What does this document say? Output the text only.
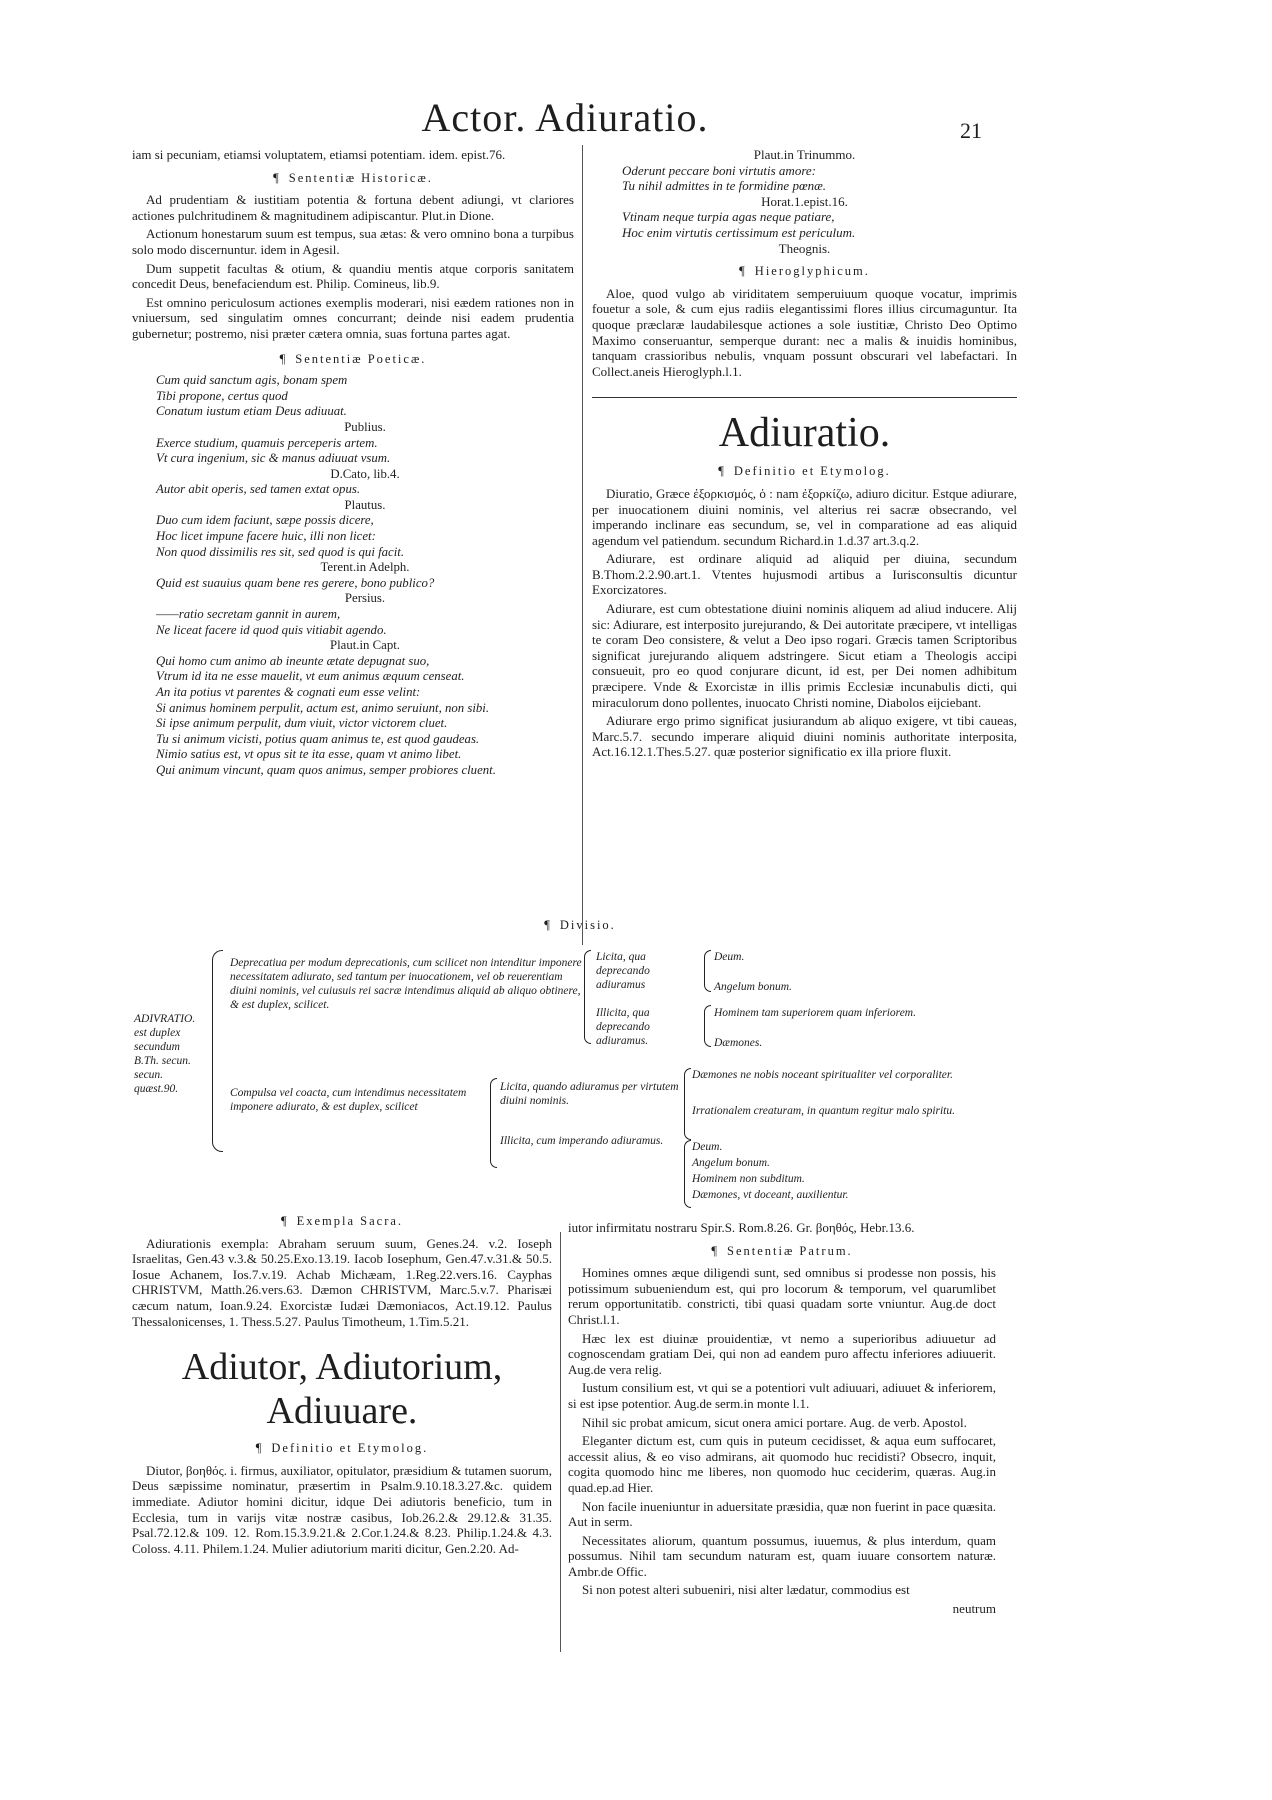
Actor. Adiuratio.	21
iam si pecuniam, etiamsi voluptatem, etiamsi potentiam. idem. epist.76.
¶ Sententiæ Historicæ.

Ad prudentiam & iustitiam potentia & fortuna debent adiungi, vt clariores actiones pulchritudinem & magnitudinem adipiscantur. Plut.in Dione.

Actionum honestarum suum est tempus, sua ætas: & vero omnino bona a turpibus solo modo discernuntur. idem in Agesil.

Dum suppetit facultas & otium, & quandiu mentis atque corporis sanitatem concedit Deus, benefaciendum est. Philip. Comineus, lib.9.

Est omnino periculosum actiones exemplis moderari, nisi eædem rationes non in vniuersum, sed singulatim omnes concurrant; deinde nisi eadem prudentia gubernetur; postremo, nisi præter cætera omnia, suas fortuna partes agat.

¶ Sententiæ Poeticæ.
Cum quid sanctum agis, bonam spem
Tibi propone, certus quod
Conatum iustum etiam Deus adiuuat.
Publius.
Exerce studium, quamuis perceperis artem.
Vt cura ingenium, sic & manus adiuuat vsum.
D.Cato, lib.4.
Autor abit operis, sed tamen extat opus.
Plautus.
Duo cum idem faciunt, sæpe possis dicere,
Hoc licet impune facere huic, illi non licet:
Non quod dissimilis res sit, sed quod is qui facit.
Terent.in Adelph.
Quid est suauius quam bene res gerere, bono publico?
Persius.
——ratio secretam gannit in aurem,
Ne liceat facere id quod quis vitiabit agendo.
Plaut.in Capt.
Qui homo cum animo ab ineunte ætate depugnat suo,
Vtrum id ita ne esse mauelit, vt eum animus æquum censeat.
An ita potius vt parentes & cognati eum esse velint:
Si animus hominem perpulit, actum est, animo seruiunt, non sibi.
Si ipse animum perpulit, dum viuit, victor victorem cluet.
Tu si animum vicisti, potius quam animus te, est quod gaudeas.
Nimio satius est, vt opus sit te ita esse, quam vt animo libet.
Qui animum vincunt, quam quos animus, semper probiores cluent.
Plaut.in Trinummo.
Oderunt peccare boni virtutis amore:
Tu nihil admittes in te formidine pœnæ.
Horat.1.epist.16.
Vtinam neque turpia agas neque patiare,
Hoc enim virtutis certissimum est periculum.
Theognis.
¶ Hieroglyphicum.

Aloe, quod vulgo ab viriditatem semperuiuum quoque vocatur, imprimis fouetur a sole, & cum ejus radiis elegantissimi flores illius circumaguntur. Ita quoque præclaræ laudabilesque actiones a sole iustitiæ, Christo Deo Optimo Maximo conseruantur, semperque durant: nec a malis & inuidis hominibus, tanquam crassioribus nebulis, vnquam possunt obscurari vel labefactari. In Collect.aneis Hieroglyph.l.1.

Adiuratio.
¶ Definitio et Etymolog.

Diuratio, Græce ἐξορκισμός, ὁ : nam ἐξορκίζω, adiuro dicitur. Estque adiurare, per inuocationem diuini nominis, vel alterius rei sacræ obsecrando, vel imperando inclinare eas secundum, se, vel in comparatione ad eas aliquid agendum vel patiendum. secundum Richard.in 1.d.37 art.3.q.2.

Adiurare, est ordinare aliquid ad aliquid per diuina, secundum B.Thom.2.2.90.art.1. Vtentes hujusmodi artibus a Iurisconsultis dicuntur Exorcizatores.

Adiurare, est cum obtestatione diuini nominis aliquem ad aliud inducere. Alij sic: Adiurare, est interposito jurejurando, & Dei autoritate præcipere, vt intelligas te coram Deo consistere, & velut a Deo ipso rogari. Græcis tamen Scriptoribus significat jurejurando aliquem adstringere. Sicut etiam a Theologis accipi consueuit, pro eo quod conjurare dicunt, id est, per Dei nomen adhibitum præcipere. Vnde & Exorcistæ in illis primis Ecclesiæ incunabulis dicti, qui miraculorum dono pollentes, inuocato Christi nomine, Diabolos eijciebant.

Adiurare ergo primo significat jusiurandum ab aliquo exigere, vt tibi caueas, Marc.5.7. secundo imperare aliquid diuini nominis authoritate interposita, Act.16.12.1.Thes.5.27. quæ posterior significatio ex illa priore fluxit.

¶ Divisio.
ADIVRATIO. est duplex secundum B.Th. secun. secun. quæst.90.
Deprecatiua per modum deprecationis, cum scilicet non intenditur imponere necessitatem adiurato, sed tantum per inuocationem, vel ob reuerentiam diuini nominis, vel cuiusuis rei sacræ intendimus aliquid ab aliquo obtinere, & est duplex, scilicet.
Licita, qua deprecando adiuramus
Illicita, qua deprecando adiuramus.
Deum.
Angelum bonum.
Hominem tam superiorem quam inferiorem.
Dæmones.
Compulsa vel coacta, cum intendimus necessitatem imponere adiurato, & est duplex, scilicet
Licita, quando adiuramus per virtutem diuini nominis.
Illicita, cum imperando adiuramus.
Dæmones ne nobis noceant spiritualiter vel corporaliter.
Irrationalem creaturam, in quantum regitur malo spiritu.
Deum.
Angelum bonum.
Hominem non subditum.
Dæmones, vt doceant, auxilientur.
¶ Exempla Sacra.

Adiurationis exempla: Abraham seruum suum, Genes.24. v.2. Ioseph Israelitas, Gen.43 v.3.& 50.25.Exo.13.19. Iacob Iosephum, Gen.47.v.31.& 50.5. Iosue Achanem, Ios.7.v.19. Achab Michæam, 1.Reg.22.vers.16. Cayphas CHRISTVM, Matth.26.vers.63. Dæmon CHRISTVM, Marc.5.v.7. Pharisæi cæcum natum, Ioan.9.24. Exorcistæ Iudæi Dæmoniacos, Act.19.12. Paulus Thessalonicenses, 1. Thess.5.27. Paulus Timotheum, 1.Tim.5.21.

Adiutor, Adiutorium,
Adiuuare.
¶ Definitio et Etymolog.

Diutor, βοηθός. i. firmus, auxiliator, opitulator, præsidium & tutamen suorum, Deus sæpissime nominatur, præsertim in Psalm.9.10.18.3.27.&c. quidem immediate. Adiutor homini dicitur, idque Dei adiutoris beneficio, tum in Ecclesia, tum in varijs vitæ nostræ casibus, Iob.26.2.& 29.12.& 31.35. Psal.72.12.& 109. 12. Rom.15.3.9.21.& 2.Cor.1.24.& 8.23. Philip.1.24.& 4.3. Coloss. 4.11. Philem.1.24. Mulier adiutorium mariti dicitur, Gen.2.20. Ad-

iutor infirmitatu nostraru Spir.S. Rom.8.26. Gr. βοηθός, Hebr.13.6.
¶ Sententiæ Patrum.

Homines omnes æque diligendi sunt, sed omnibus si prodesse non possis, his potissimum subueniendum est, qui pro locorum & temporum, vel quarumlibet rerum opportunitatib. constricti, tibi quasi quadam sorte vniuntur. Aug.de doct Christ.l.1.

Hæc lex est diuinæ prouidentiæ, vt nemo a superioribus adiuuetur ad cognoscendam gratiam Dei, qui non ad eandem puro affectu inferiores adiuuerit. Aug.de vera relig.

Iustum consilium est, vt qui se a potentiori vult adiuuari, adiuuet & inferiorem, si est ipse potentior. Aug.de serm.in monte l.1.

Nihil sic probat amicum, sicut onera amici portare. Aug. de verb. Apostol.

Eleganter dictum est, cum quis in puteum cecidisset, & aqua eum suffocaret, accessit alius, & eo viso admirans, ait quomodo huc recidisti? Obsecro, inquit, cogita quomodo hinc me liberes, non quomodo huc ceciderim, quæras. Aug.in quad.ep.ad Hier.

Non facile inueniuntur in aduersitate præsidia, quæ non fuerint in pace quæsita. Aut in serm.

Necessitates aliorum, quantum possumus, iuuemus, & plus interdum, quam possumus. Nihil tam secundum naturam est, quam iuuare consortem naturæ. Ambr.de Offic.

Si non potest alteri subueniri, nisi alter lædatur, commodius est

neutrum
